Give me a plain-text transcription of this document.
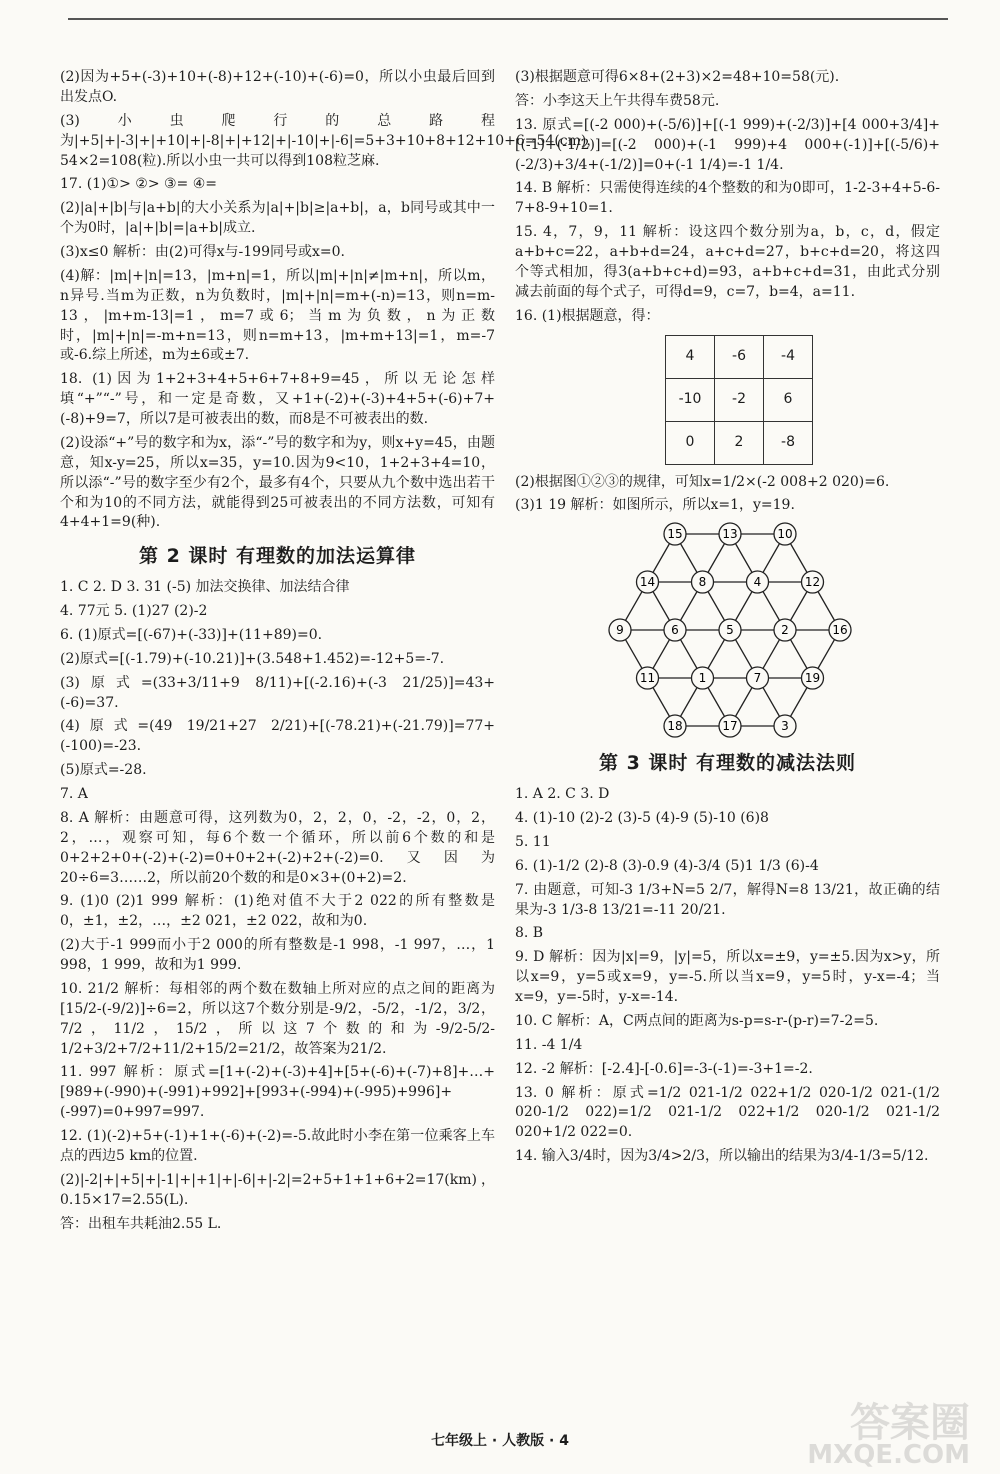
(2)因为+5+(-3)+10+(-8)+12+(-10)+(-6)=0，所以小虫最后回到出发点O.

(3)小虫爬行的总路程为|+5|+|-3|+|+10|+|-8|+|+12|+|-10|+|-6|=5+3+10+8+12+10+6=54(cm)，54×2=108(粒).所以小虫一共可以得到108粒芝麻.

17. (1)①> ②> ③= ④=

(2)|a|+|b|与|a+b|的大小关系为|a|+|b|≥|a+b|，a，b同号或其中一个为0时，|a|+|b|=|a+b|成立.

(3)x≤0 解析：由(2)可得x与-199同号或x=0.

(4)解：|m|+|n|=13，|m+n|=1，所以|m|+|n|≠|m+n|，所以m，n异号.当m为正数，n为负数时，|m|+|n|=m+(-n)=13，则n=m-13，|m+m-13|=1，m=7或6；当m为负数，n为正数时，|m|+|n|=-m+n=13，则n=m+13，|m+m+13|=1，m=-7或-6.综上所述，m为±6或±7.

18. (1)因为1+2+3+4+5+6+7+8+9=45，所以无论怎样填“+”“-”号，和一定是奇数，又+1+(-2)+(-3)+4+5+(-6)+7+(-8)+9=7，所以7是可被表出的数，而8是不可被表出的数.

(2)设添“+”号的数字和为x，添“-”号的数字和为y，则x+y=45，由题意，知x-y=25，所以x=35，y=10.因为9<10，1+2+3+4=10，所以添“-”号的数字至少有2个，最多有4个，只要从九个数中选出若干个和为10的不同方法，就能得到25可被表出的不同方法数，可知有4+4+1=9(种).

第 2 课时 有理数的加法运算律

1. C 2. D 3. 31 (-5) 加法交换律、加法结合律

4. 77元 5. (1)27 (2)-2

6. (1)原式=[(-67)+(-33)]+(11+89)=0.

(2)原式=[(-1.79)+(-10.21)]+(3.548+1.452)=-12+5=-7.

(3)原式=(33+3/11+9 8/11)+[(-2.16)+(-3 21/25)]=43+(-6)=37.

(4)原式=(49 19/21+27 2/21)+[(-78.21)+(-21.79)]=77+(-100)=-23.

(5)原式=-28.

7. A

8. A 解析：由题意可得，这列数为0，2，2，0，-2，-2，0，2，2，…，观察可知，每6个数一个循环，所以前6个数的和是0+2+2+0+(-2)+(-2)=0+0+2+(-2)+2+(-2)=0.又因为20÷6=3……2，所以前20个数的和是0×3+(0+2)=2.

9. (1)0 (2)1 999 解析：(1)绝对值不大于2 022的所有整数是0，±1，±2，…，±2 021，±2 022，故和为0.

(2)大于-1 999而小于2 000的所有整数是-1 998，-1 997，…，1 998，1 999，故和为1 999.

10. 21/2 解析：每相邻的两个数在数轴上所对应的点之间的距离为[15/2-(-9/2)]÷6=2，所以这7个数分别是-9/2，-5/2，-1/2，3/2，7/2，11/2，15/2，所以这7个数的和为-9/2-5/2-1/2+3/2+7/2+11/2+15/2=21/2，故答案为21/2.

11. 997 解析：原式=[1+(-2)+(-3)+4]+[5+(-6)+(-7)+8]+…+[989+(-990)+(-991)+992]+[993+(-994)+(-995)+996]+(-997)=0+997=997.

12. (1)(-2)+5+(-1)+1+(-6)+(-2)=-5.故此时小李在第一位乘客上车点的西边5 km的位置.

(2)|-2|+|+5|+|-1|+|+1|+|-6|+|-2|=2+5+1+1+6+2=17(km)，0.15×17=2.55(L).

答：出租车共耗油2.55 L.

(3)根据题意可得6×8+(2+3)×2=48+10=58(元).

答：小李这天上午共得车费58元.

13. 原式=[(-2 000)+(-5/6)]+[(-1 999)+(-2/3)]+[4 000+3/4]+[(-1)+(-1/2)]=[(-2 000)+(-1 999)+4 000+(-1)]+[(-5/6)+(-2/3)+3/4+(-1/2)]=0+(-1 1/4)=-1 1/4.

14. B 解析：只需使得连续的4个整数的和为0即可，1-2-3+4+5-6-7+8-9+10=1.

15. 4，7，9，11 解析：设这四个数分别为a，b，c，d，假定a+b+c=22，a+b+d=24，a+c+d=27，b+c+d=20，将这四个等式相加，得3(a+b+c+d)=93，a+b+c+d=31，由此式分别减去前面的每个式子，可得d=9，c=7，b=4，a=11.

16. (1)根据题意，得：

4	-6	-4
-10	-2	6
0	2	-8

(2)根据图①②③的规律，可知x=1/2×(-2 008+2 020)=6.

(3)1 19 解析：如图所示，所以x=1，y=19.

15	13	10
14	8	4	12
9	6	5	2	16
11	1	7	19
18	17	3
第 3 课时 有理数的减法法则

1. A 2. C 3. D

4. (1)-10 (2)-2 (3)-5 (4)-9 (5)-10 (6)8

5. 11

6. (1)-1/2 (2)-8 (3)-0.9 (4)-3/4 (5)1 1/3 (6)-4

7. 由题意，可知-3 1/3+N=5 2/7，解得N=8 13/21，故正确的结果为-3 1/3-8 13/21=-11 20/21.

8. B

9. D 解析：因为|x|=9，|y|=5，所以x=±9，y=±5.因为x>y，所以x=9，y=5或x=9，y=-5.所以当x=9，y=5时，y-x=-4；当x=9，y=-5时，y-x=-14.

10. C 解析：A，C两点间的距离为s-p=s-r-(p-r)=7-2=5.

11. -4 1/4

12. -2 解析：[-2.4]-[-0.6]=-3-(-1)=-3+1=-2.

13. 0 解析：原式=1/2 021-1/2 022+1/2 020-1/2 021-(1/2 020-1/2 022)=1/2 021-1/2 022+1/2 020-1/2 021-1/2 020+1/2 022=0.

14. 输入3/4时，因为3/4>2/3，所以输出的结果为3/4-1/3=5/12.

七年级上 · 人教版 · 4	答案圈
MXQE.COM
